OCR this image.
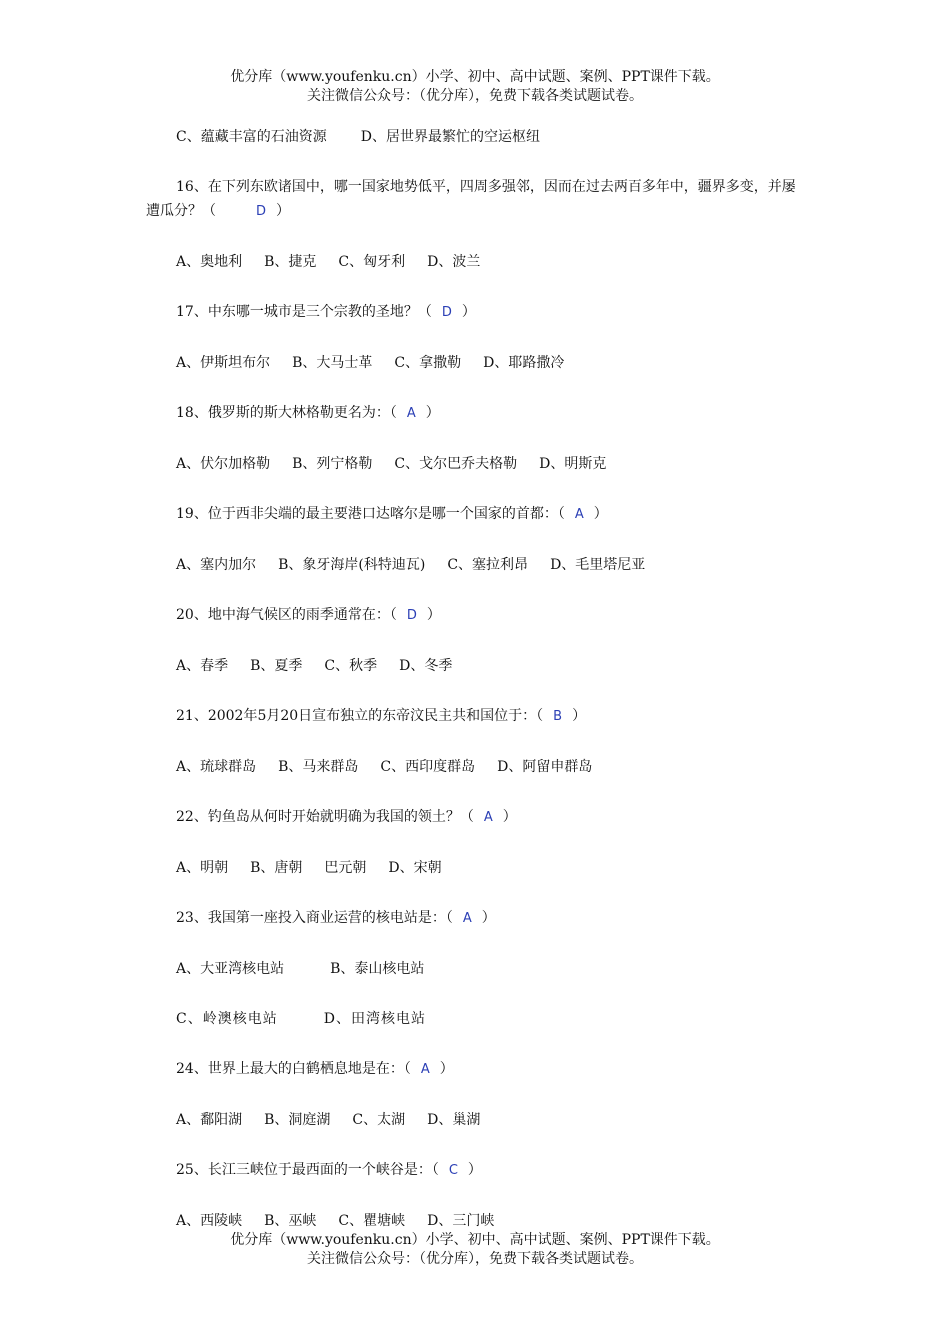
优分库（www.youfenku.cn）小学、初中、高中试题、案例、PPT课件下载。
关注微信公众号：（优分库），免费下载各类试题试卷。
C、蕴藏丰富的石油资源 D、居世界最繁忙的空运枢纽
16、在下列东欧诸国中，哪一国家地势低平，四周多强邻，因而在过去两百多年中，疆界多变，并屡遭瓜分？（	D ）
A、奥地利 B、捷克 C、匈牙利 D、波兰
17、中东哪一城市是三个宗教的圣地？（ D ）
A、伊斯坦布尔 B、大马士革 C、拿撒勒 D、耶路撒冷
18、俄罗斯的斯大林格勒更名为：（ A ）
A、伏尔加格勒 B、列宁格勒 C、戈尔巴乔夫格勒 D、明斯克
19、位于西非尖端的最主要港口达喀尔是哪一个国家的首都：（ A ）
A、塞内加尔 B、象牙海岸(科特迪瓦) C、塞拉利昂 D、毛里塔尼亚
20、地中海气候区的雨季通常在：（ D ）
A、春季 B、夏季 C、秋季 D、冬季
21、2002年5月20日宣布独立的东帝汶民主共和国位于：（ B ）
A、琉球群岛 B、马来群岛 C、西印度群岛 D、阿留申群岛
22、钓鱼岛从何时开始就明确为我国的领土？（ A ）
A、明朝 B、唐朝 巴元朝 D、宋朝
23、我国第一座投入商业运营的核电站是：（ A ）
A、大亚湾核电站	B、泰山核电站
C、岭澳核电站	D、田湾核电站
24、世界上最大的白鹤栖息地是在：（ A ）
A、鄱阳湖 B、洞庭湖 C、太湖 D、巢湖
25、长江三峡位于最西面的一个峡谷是：（ C ）
A、西陵峡 B、巫峡 C、瞿塘峡 D、三门峡
优分库（www.youfenku.cn）小学、初中、高中试题、案例、PPT课件下载。
关注微信公众号：（优分库），免费下载各类试题试卷。
